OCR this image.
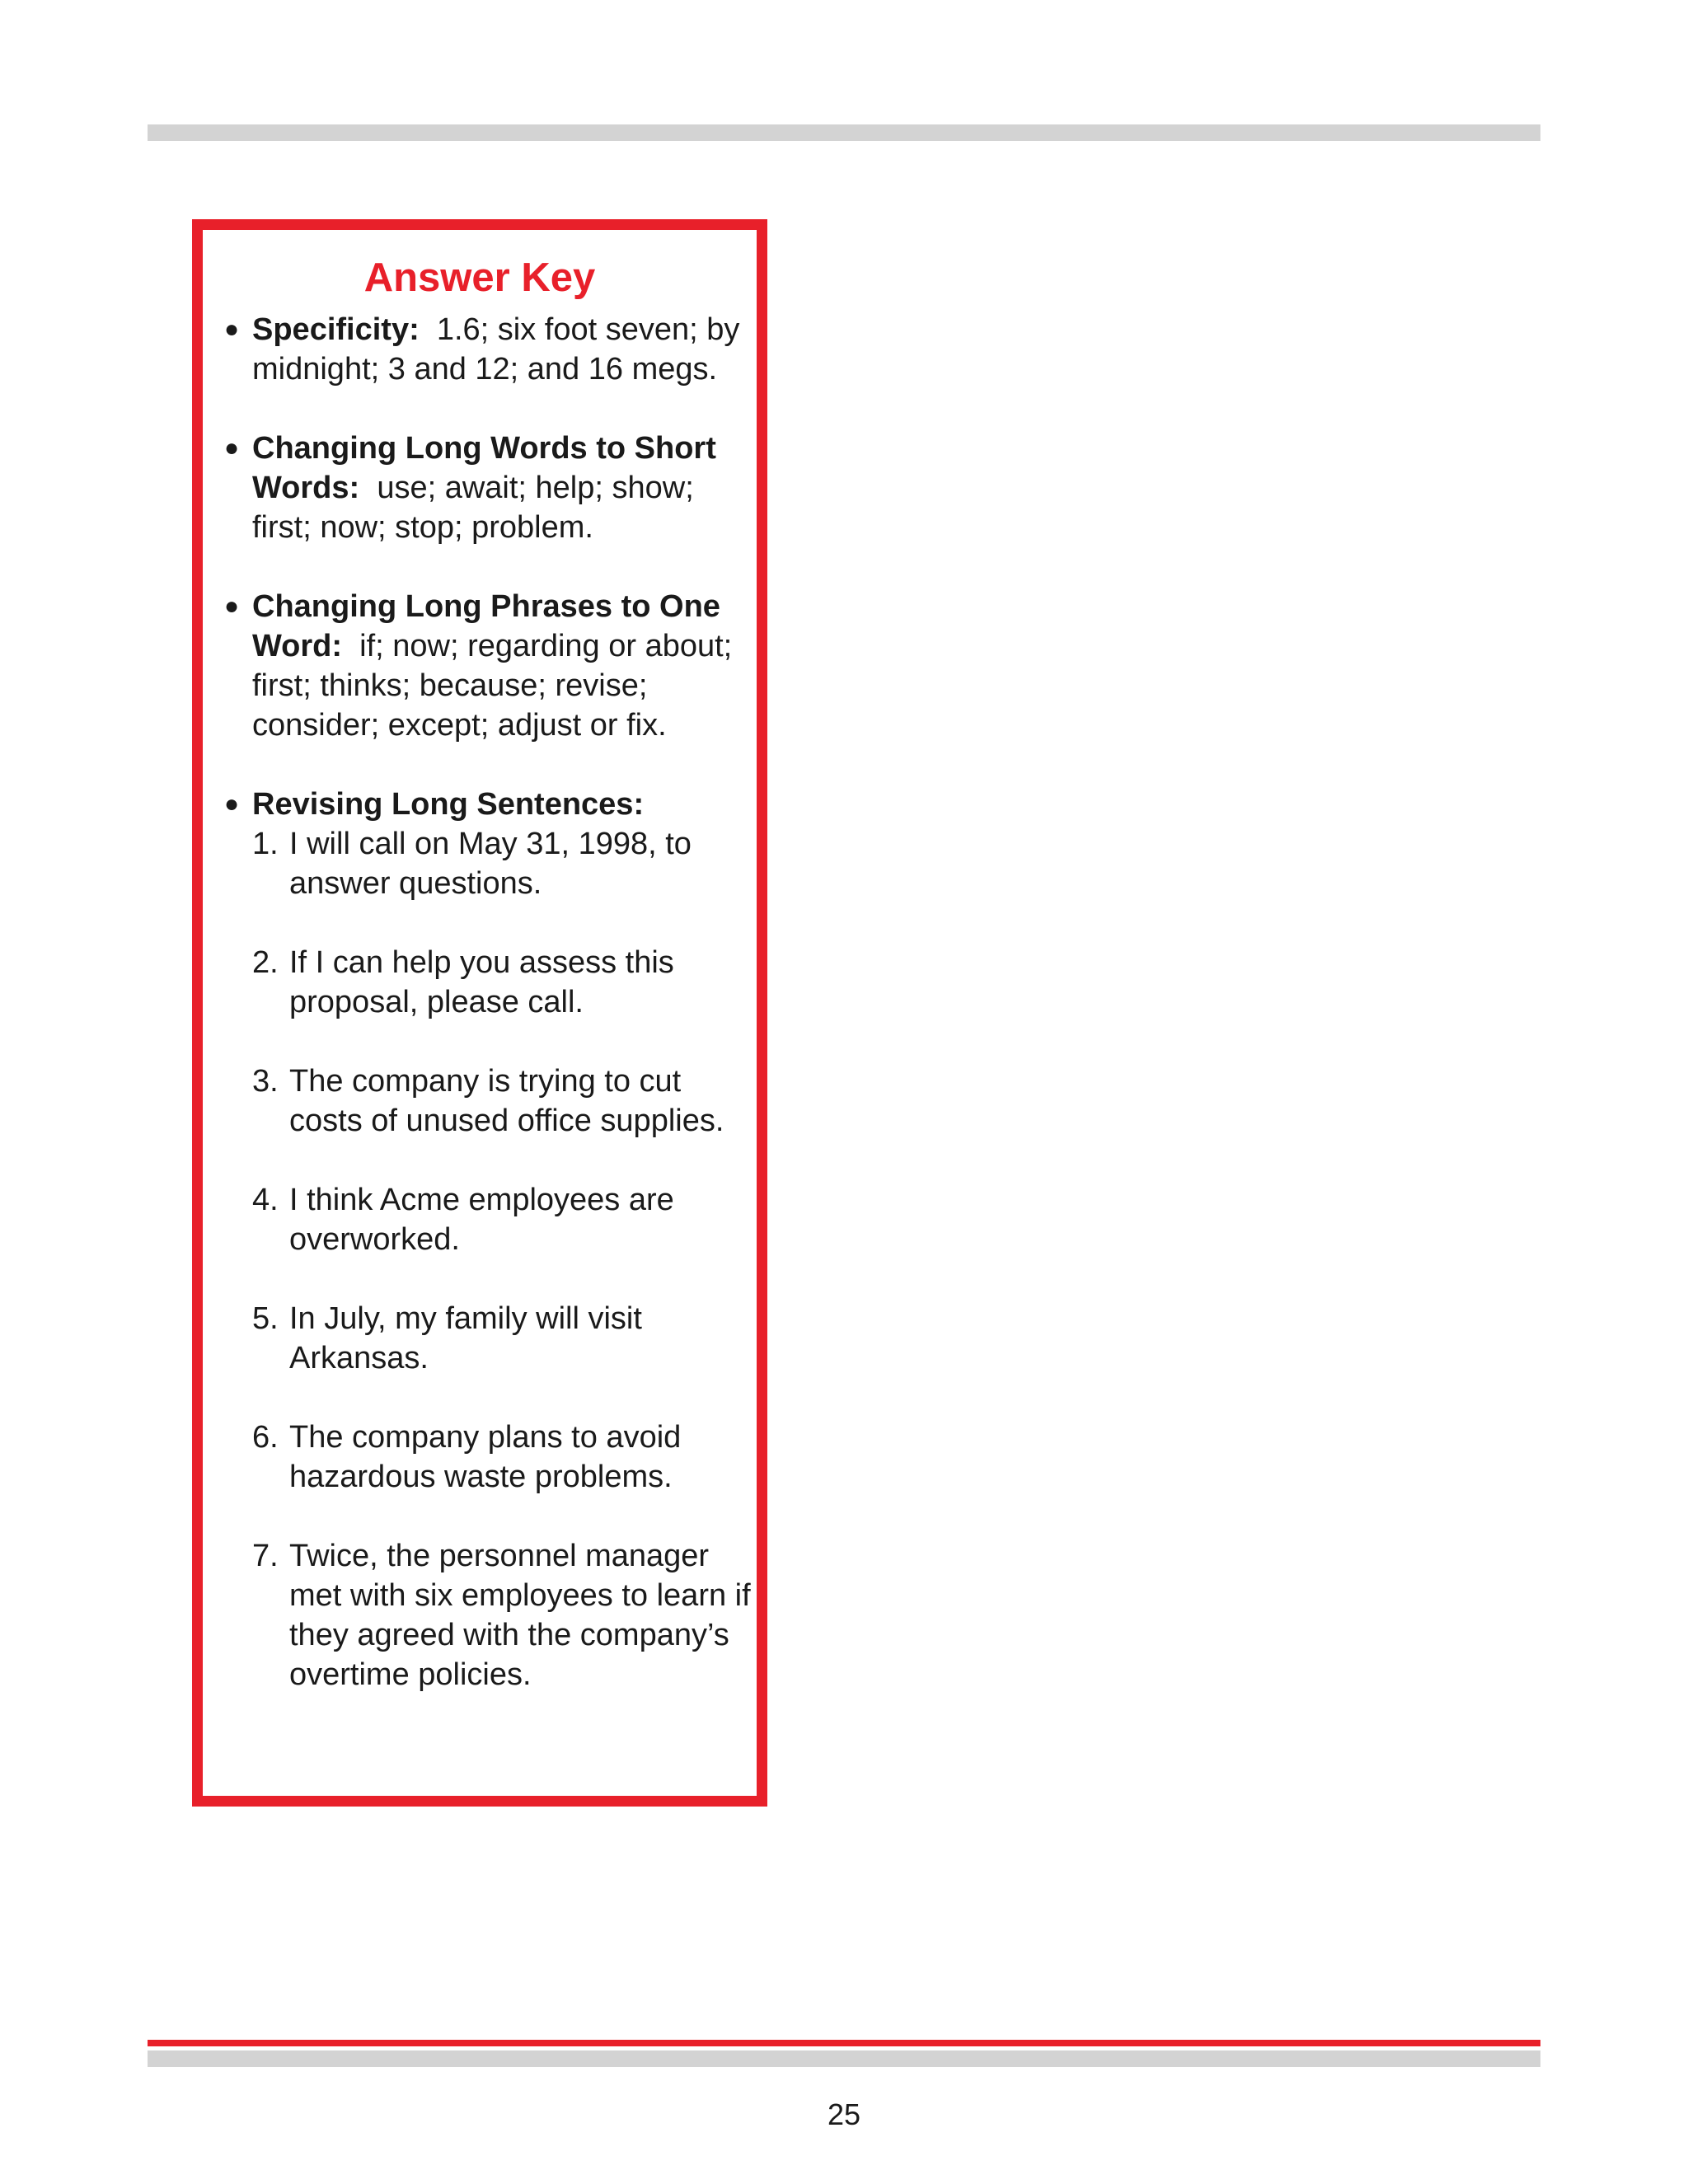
Answer Key
● Specificity: 1.6; six foot seven; by midnight; 3 and 12; and 16 megs.

● Changing Long Words to Short Words: use; await; help; show; first; now; stop; problem.

● Changing Long Phrases to One Word: if; now; regarding or about; first; thinks; because; revise; consider; except; adjust or fix.

● Revising Long Sentences:

1. I will call on May 31, 1998, to answer questions.
2. If I can help you assess this proposal, please call.
3. The company is trying to cut costs of unused office supplies.
4. I think Acme employees are overworked.
5. In July, my family will visit Arkansas.
6. The company plans to avoid hazardous waste problems.
7. Twice, the personnel manager met with six employees to learn if they agreed with the company’s overtime policies.
25
